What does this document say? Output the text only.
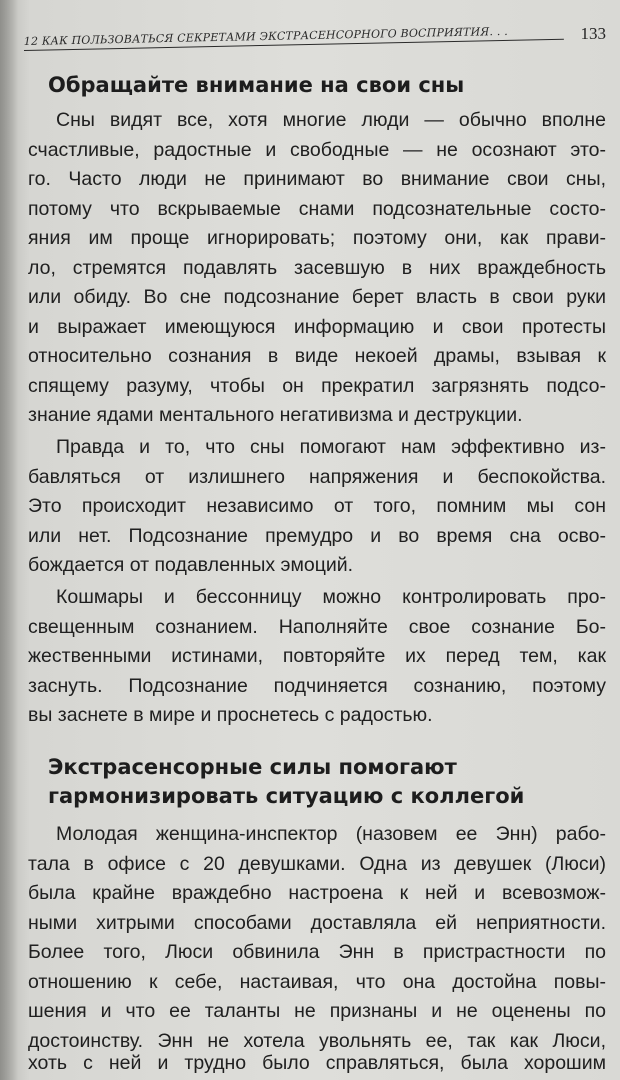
12 КАК ПОЛЬЗОВАТЬСЯ СЕКРЕТАМИ ЭКСТРАСЕНСОРНОГО ВОСПРИЯТИЯ. . .	133
Обращайте внимание на свои сны
Сны видят все, хотя многие люди — обычно вполне
счастливые, радостные и свободные — не осознают это-
го. Часто люди не принимают во внимание свои сны,
потому что вскрываемые снами подсознательные состо-
яния им проще игнорировать; поэтому они, как прави-
ло, стремятся подавлять засевшую в них враждебность
или обиду. Во сне подсознание берет власть в свои руки
и выражает имеющуюся информацию и свои протесты
относительно сознания в виде некоей драмы, взывая к
спящему разуму, чтобы он прекратил загрязнять подсо-
знание ядами ментального негативизма и деструкции.
Правда и то, что сны помогают нам эффективно из-
бавляться от излишнего напряжения и беспокойства.
Это происходит независимо от того, помним мы сон
или нет. Подсознание премудро и во время сна осво-
бождается от подавленных эмоций.
Кошмары и бессонницу можно контролировать про-
свещенным сознанием. Наполняйте свое сознание Бо-
жественными истинами, повторяйте их перед тем, как
заснуть. Подсознание подчиняется сознанию, поэтому
вы заснете в мире и проснетесь с радостью.
Экстрасенсорные силы помогают
гармонизировать ситуацию с коллегой
Молодая женщина-инспектор (назовем ее Энн) рабо-
тала в офисе с 20 девушками. Одна из девушек (Люси)
была крайне враждебно настроена к ней и всевозмож-
ными хитрыми способами доставляла ей неприятности.
Более того, Люси обвинила Энн в пристрастности по
отношению к себе, настаивая, что она достойна повы-
шения и что ее таланты не признаны и не оценены по
достоинству. Энн не хотела увольнять ее, так как Люси,
хоть с ней и трудно было справляться, была хорошим
